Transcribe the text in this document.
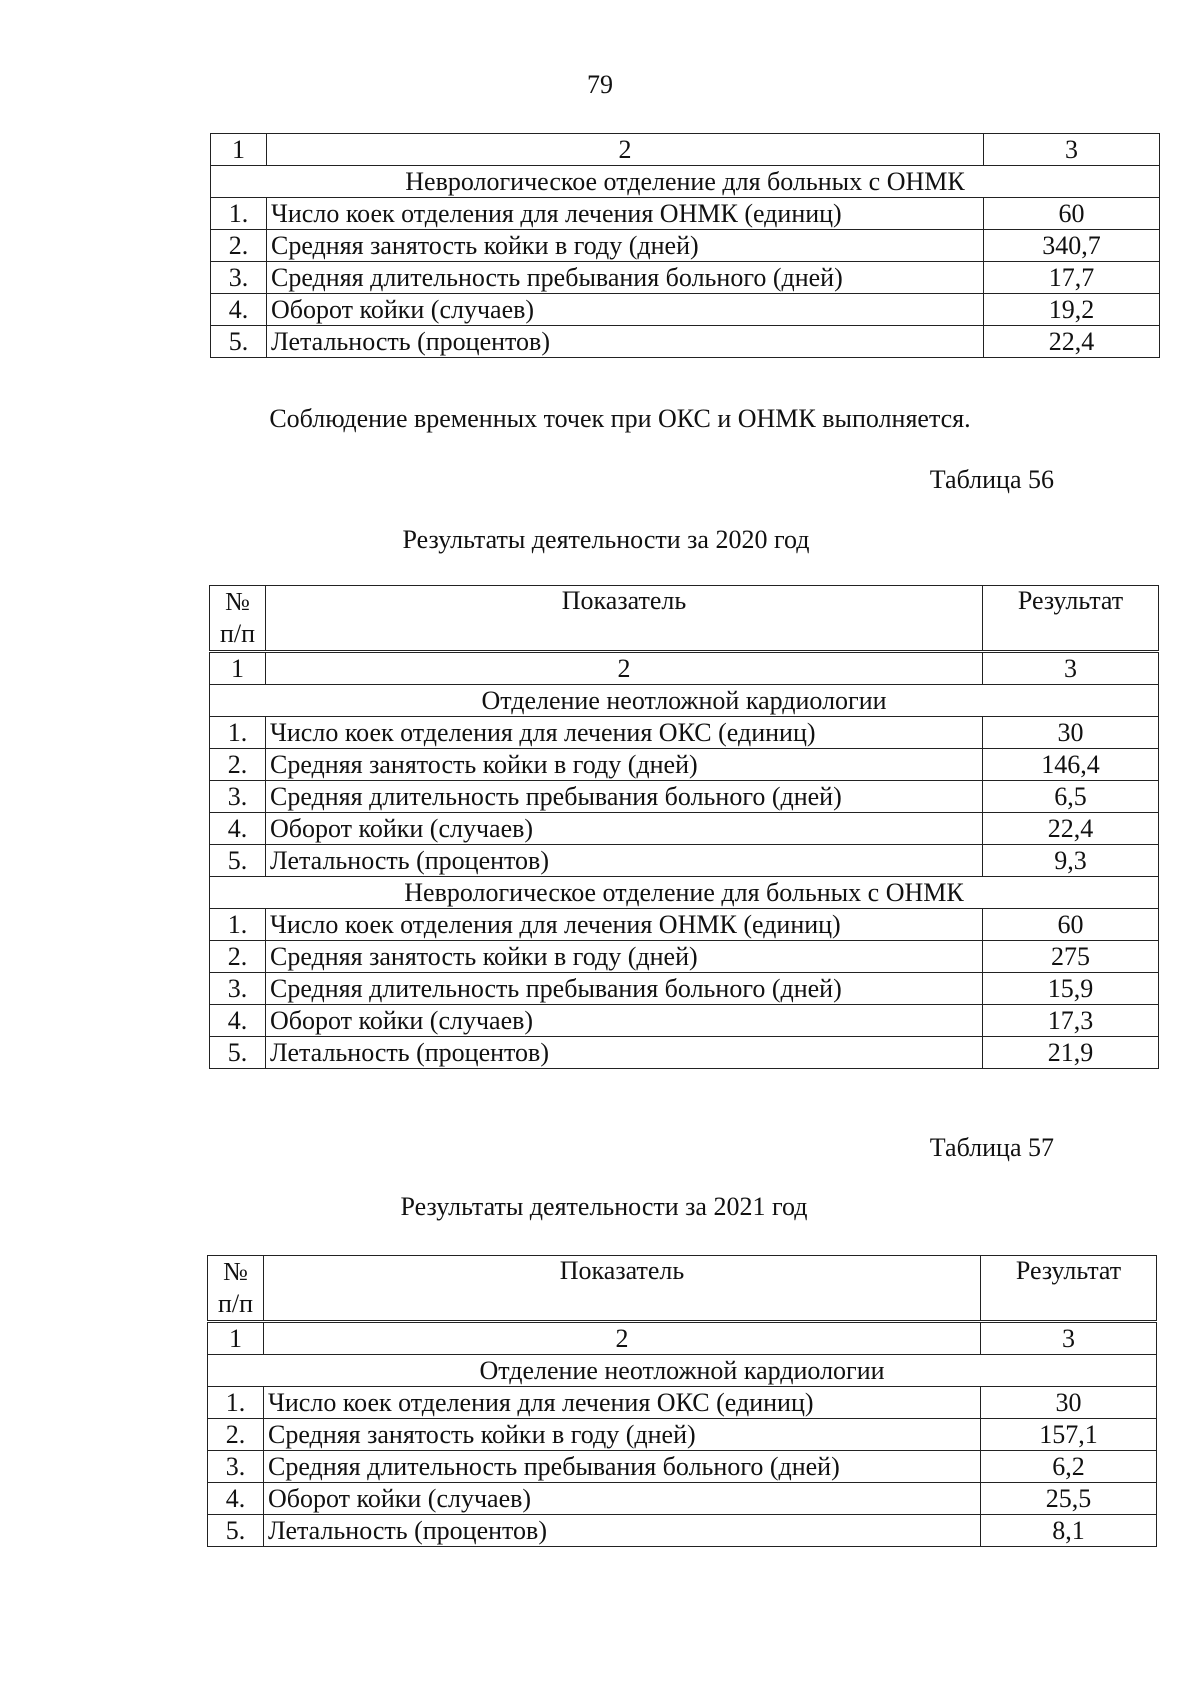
79
1	2	3
Неврологическое отделение для больных с ОНМК		
1.	Число коек отделения для лечения ОНМК (единиц)	60
2.	Средняя занятость койки в году (дней)	340,7
3.	Средняя длительность пребывания больного (дней)	17,7
4.	Оборот койки (случаев)	19,2
5.	Летальность (процентов)	22,4
Соблюдение временных точек при ОКС и ОНМК выполняется.
Таблица 56
Результаты деятельности за 2020 год
№ п/п	Показатель	Результат
1	2	3
Отделение неотложной кардиологии		
1.	Число коек отделения для лечения ОКС (единиц)	30
2.	Средняя занятость койки в году (дней)	146,4
3.	Средняя длительность пребывания больного (дней)	6,5
4.	Оборот койки (случаев)	22,4
5.	Летальность (процентов)	9,3
Неврологическое отделение для больных с ОНМК		
1.	Число коек отделения для лечения ОНМК (единиц)	60
2.	Средняя занятость койки в году (дней)	275
3.	Средняя длительность пребывания больного (дней)	15,9
4.	Оборот койки (случаев)	17,3
5.	Летальность (процентов)	21,9
Таблица 57
Результаты деятельности за 2021 год
№ п/п	Показатель	Результат
1	2	3
Отделение неотложной кардиологии		
1.	Число коек отделения для лечения ОКС (единиц)	30
2.	Средняя занятость койки в году (дней)	157,1
3.	Средняя длительность пребывания больного (дней)	6,2
4.	Оборот койки (случаев)	25,5
5.	Летальность (процентов)	8,1
